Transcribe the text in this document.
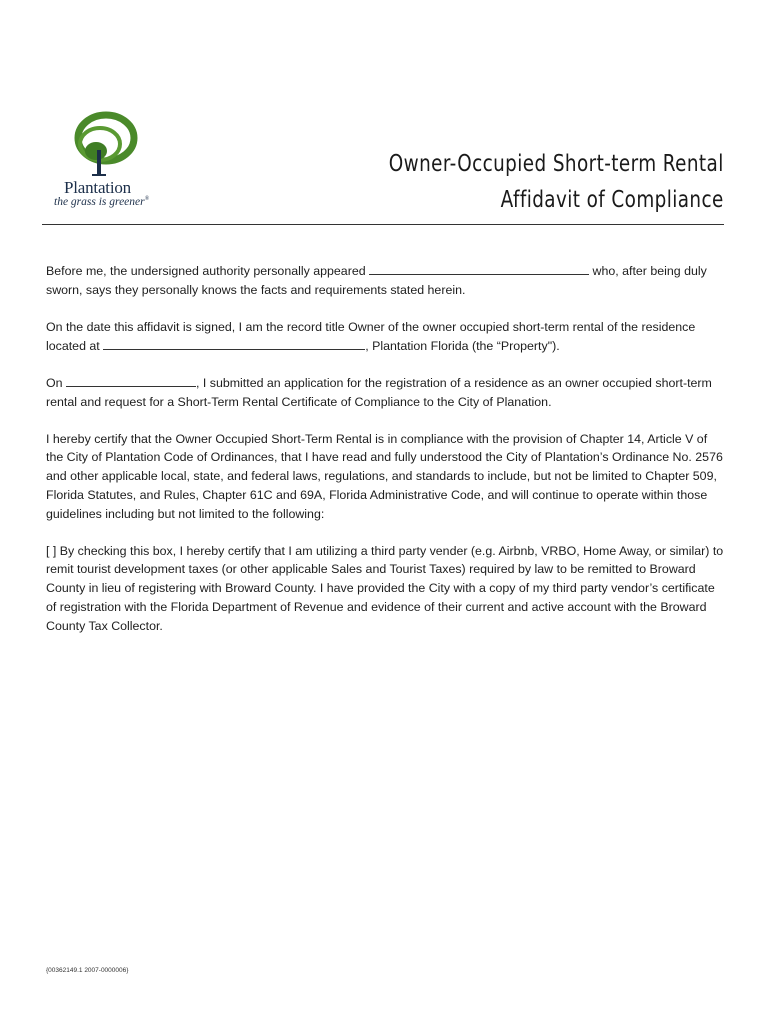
Plantation
the grass is greener®
Owner-Occupied Short-term Rental
Affidavit of Compliance

Before me, the undersigned authority personally appeared	who, after being duly sworn, says they personally knows the facts and requirements stated herein.

On the date this affidavit is signed, I am the record title Owner of the owner occupied short-term rental of the residence located at	, Plantation Florida (the “Property").

On	, I submitted an application for the registration of a residence as an owner occupied short-term rental and request for a Short-Term Rental Certificate of Compliance to the City of Planation.

I hereby certify that the Owner Occupied Short-Term Rental is in compliance with the provision of Chapter 14, Article V of the City of Plantation Code of Ordinances, that I have read and fully understood the City of Plantation’s Ordinance No. 2576 and other applicable local, state, and federal laws, regulations, and standards to include, but not be limited to Chapter 509, Florida Statutes, and Rules, Chapter 61C and 69A, Florida Administrative Code, and will continue to operate within those guidelines including but not limited to the following:

[ ] By checking this box, I hereby certify that I am utilizing a third party vender (e.g. Airbnb, VRBO, Home Away, or similar) to remit tourist development taxes (or other applicable Sales and Tourist Taxes) required by law to be remitted to Broward County in lieu of registering with Broward County. I have provided the City with a copy of my third party vendor’s certificate of registration with the Florida Department of Revenue and evidence of their current and active account with the Broward County Tax Collector.

{00362149.1 2007-0000006}
